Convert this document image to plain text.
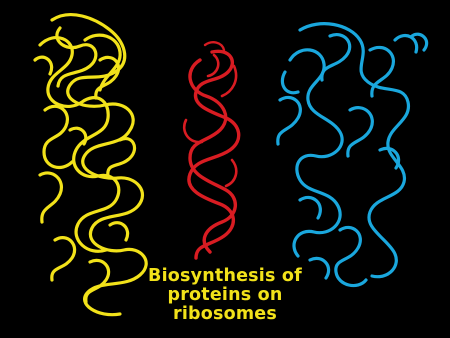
Biosynthesis of
proteins on
ribosomes
